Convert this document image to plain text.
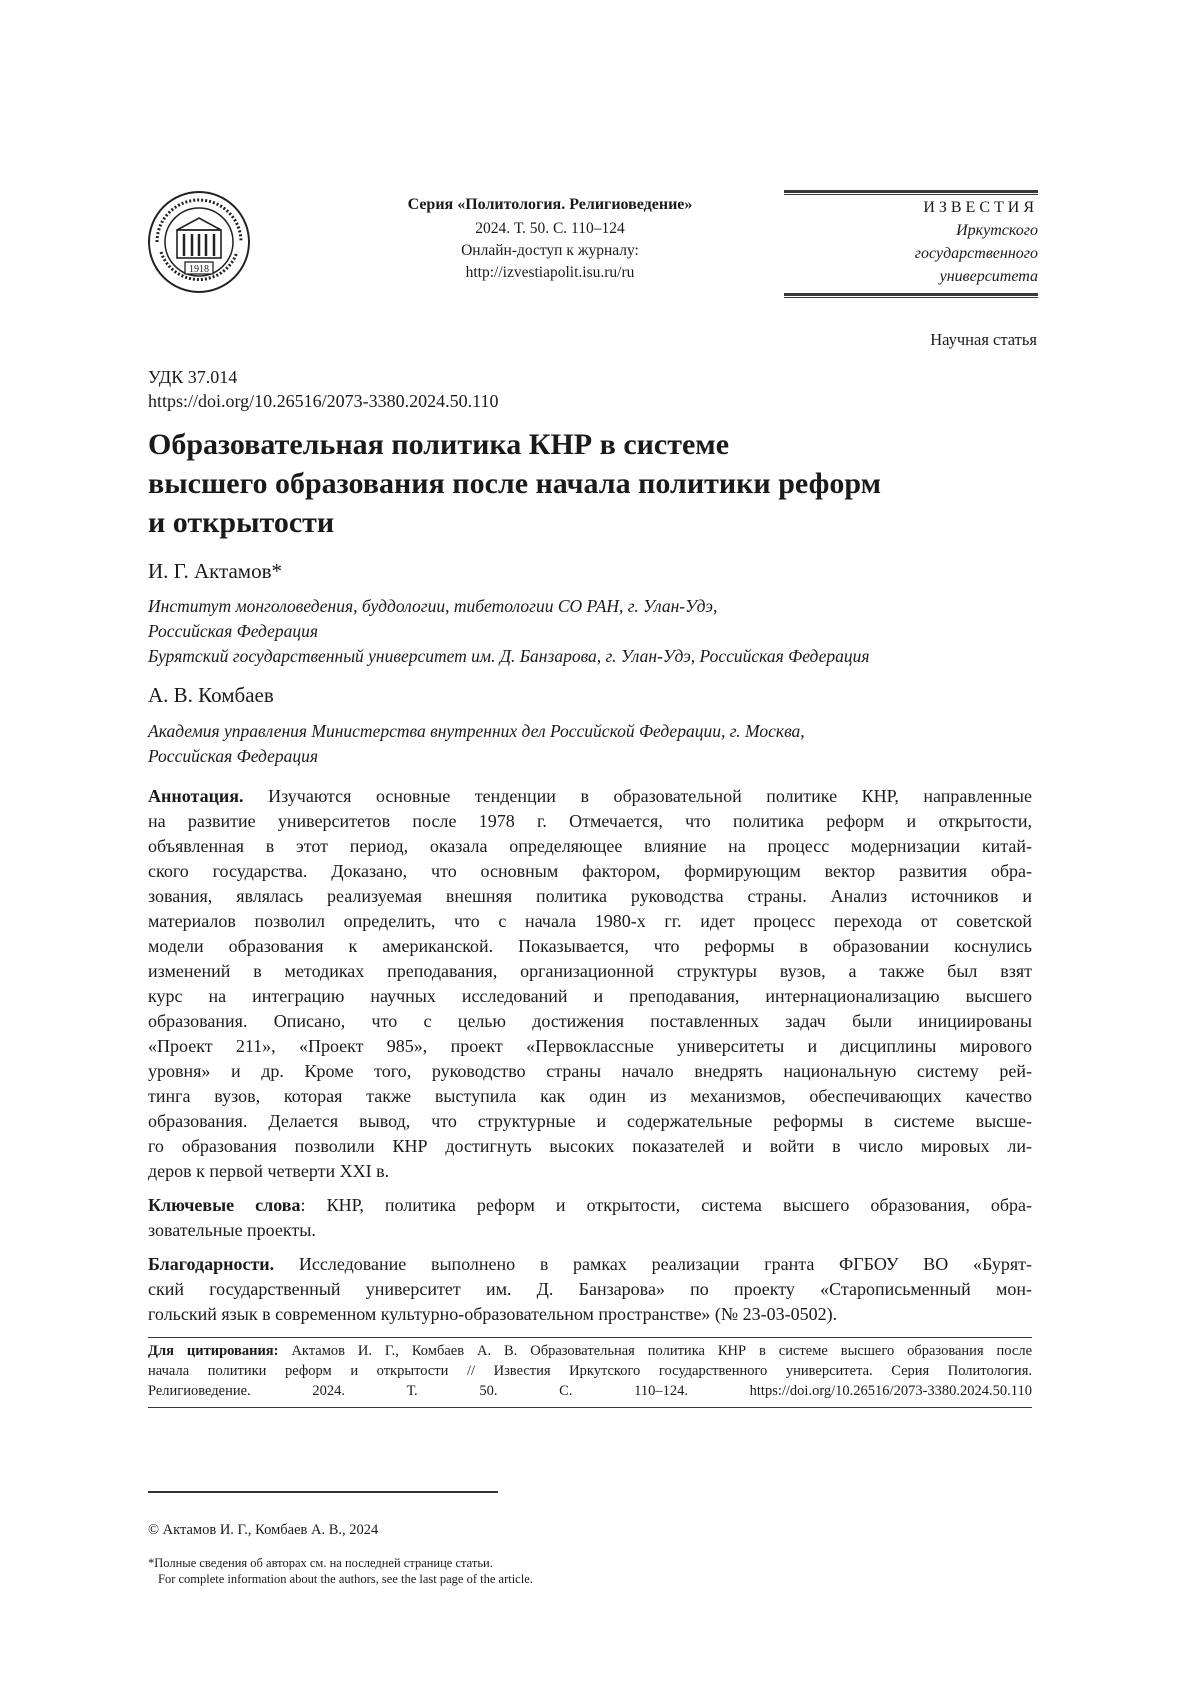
1918
Серия «Политология. Религиоведение»
2024. Т. 50. С. 110–124
Онлайн-доступ к журналу:
http://izvestiapolit.isu.ru/ru
ИЗВЕСТИЯ
Иркутского
государственного
университета
Научная статья
УДК 37.014
https://doi.org/10.26516/2073-3380.2024.50.110
Образовательная политика КНР в системе
высшего образования после начала политики реформ
и открытости
И. Г. Актамов*
Институт монголоведения, буддологии, тибетологии СО РАН, г. Улан-Удэ,
Российская Федерация
Бурятский государственный университет им. Д. Банзарова, г. Улан-Удэ, Российская Федерация
А. В. Комбаев
Академия управления Министерства внутренних дел Российской Федерации, г. Москва,
Российская Федерация
Аннотация. Изучаются основные тенденции в образовательной политике КНР, направленные
на развитие университетов после 1978 г. Отмечается, что политика реформ и открытости,
объявленная в этот период, оказала определяющее влияние на процесс модернизации китай-
ского государства. Доказано, что основным фактором, формирующим вектор развития обра-
зования, являлась реализуемая внешняя политика руководства страны. Анализ источников и
материалов позволил определить, что с начала 1980-х гг. идет процесс перехода от советской
модели образования к американской. Показывается, что реформы в образовании коснулись
изменений в методиках преподавания, организационной структуры вузов, а также был взят
курс на интеграцию научных исследований и преподавания, интернационализацию высшего
образования. Описано, что с целью достижения поставленных задач были инициированы
«Проект 211», «Проект 985», проект «Первоклассные университеты и дисциплины мирового
уровня» и др. Кроме того, руководство страны начало внедрять национальную систему рей-
тинга вузов, которая также выступила как один из механизмов, обеспечивающих качество
образования. Делается вывод, что структурные и содержательные реформы в системе высше-
го образования позволили КНР достигнуть высоких показателей и войти в число мировых ли-
деров к первой четверти XXI в.
Ключевые слова: КНР, политика реформ и открытости, система высшего образования, обра-
зовательные проекты.
Благодарности. Исследование выполнено в рамках реализации гранта ФГБОУ ВО «Бурят-
ский государственный университет им. Д. Банзарова» по проекту «Старописьменный мон-
гольский язык в современном культурно-образовательном пространстве» (№ 23-03-0502).
Для цитирования: Актамов И. Г., Комбаев А. В. Образовательная политика КНР в системе высшего образования после
начала политики реформ и открытости // Известия Иркутского государственного университета. Серия Политология.
Религиоведение. 2024. Т. 50. С. 110–124. https://doi.org/10.26516/2073-3380.2024.50.110
© Актамов И. Г., Комбаев А. В., 2024
*Полные сведения об авторах см. на последней странице статьи.
For complete information about the authors, see the last page of the article.
